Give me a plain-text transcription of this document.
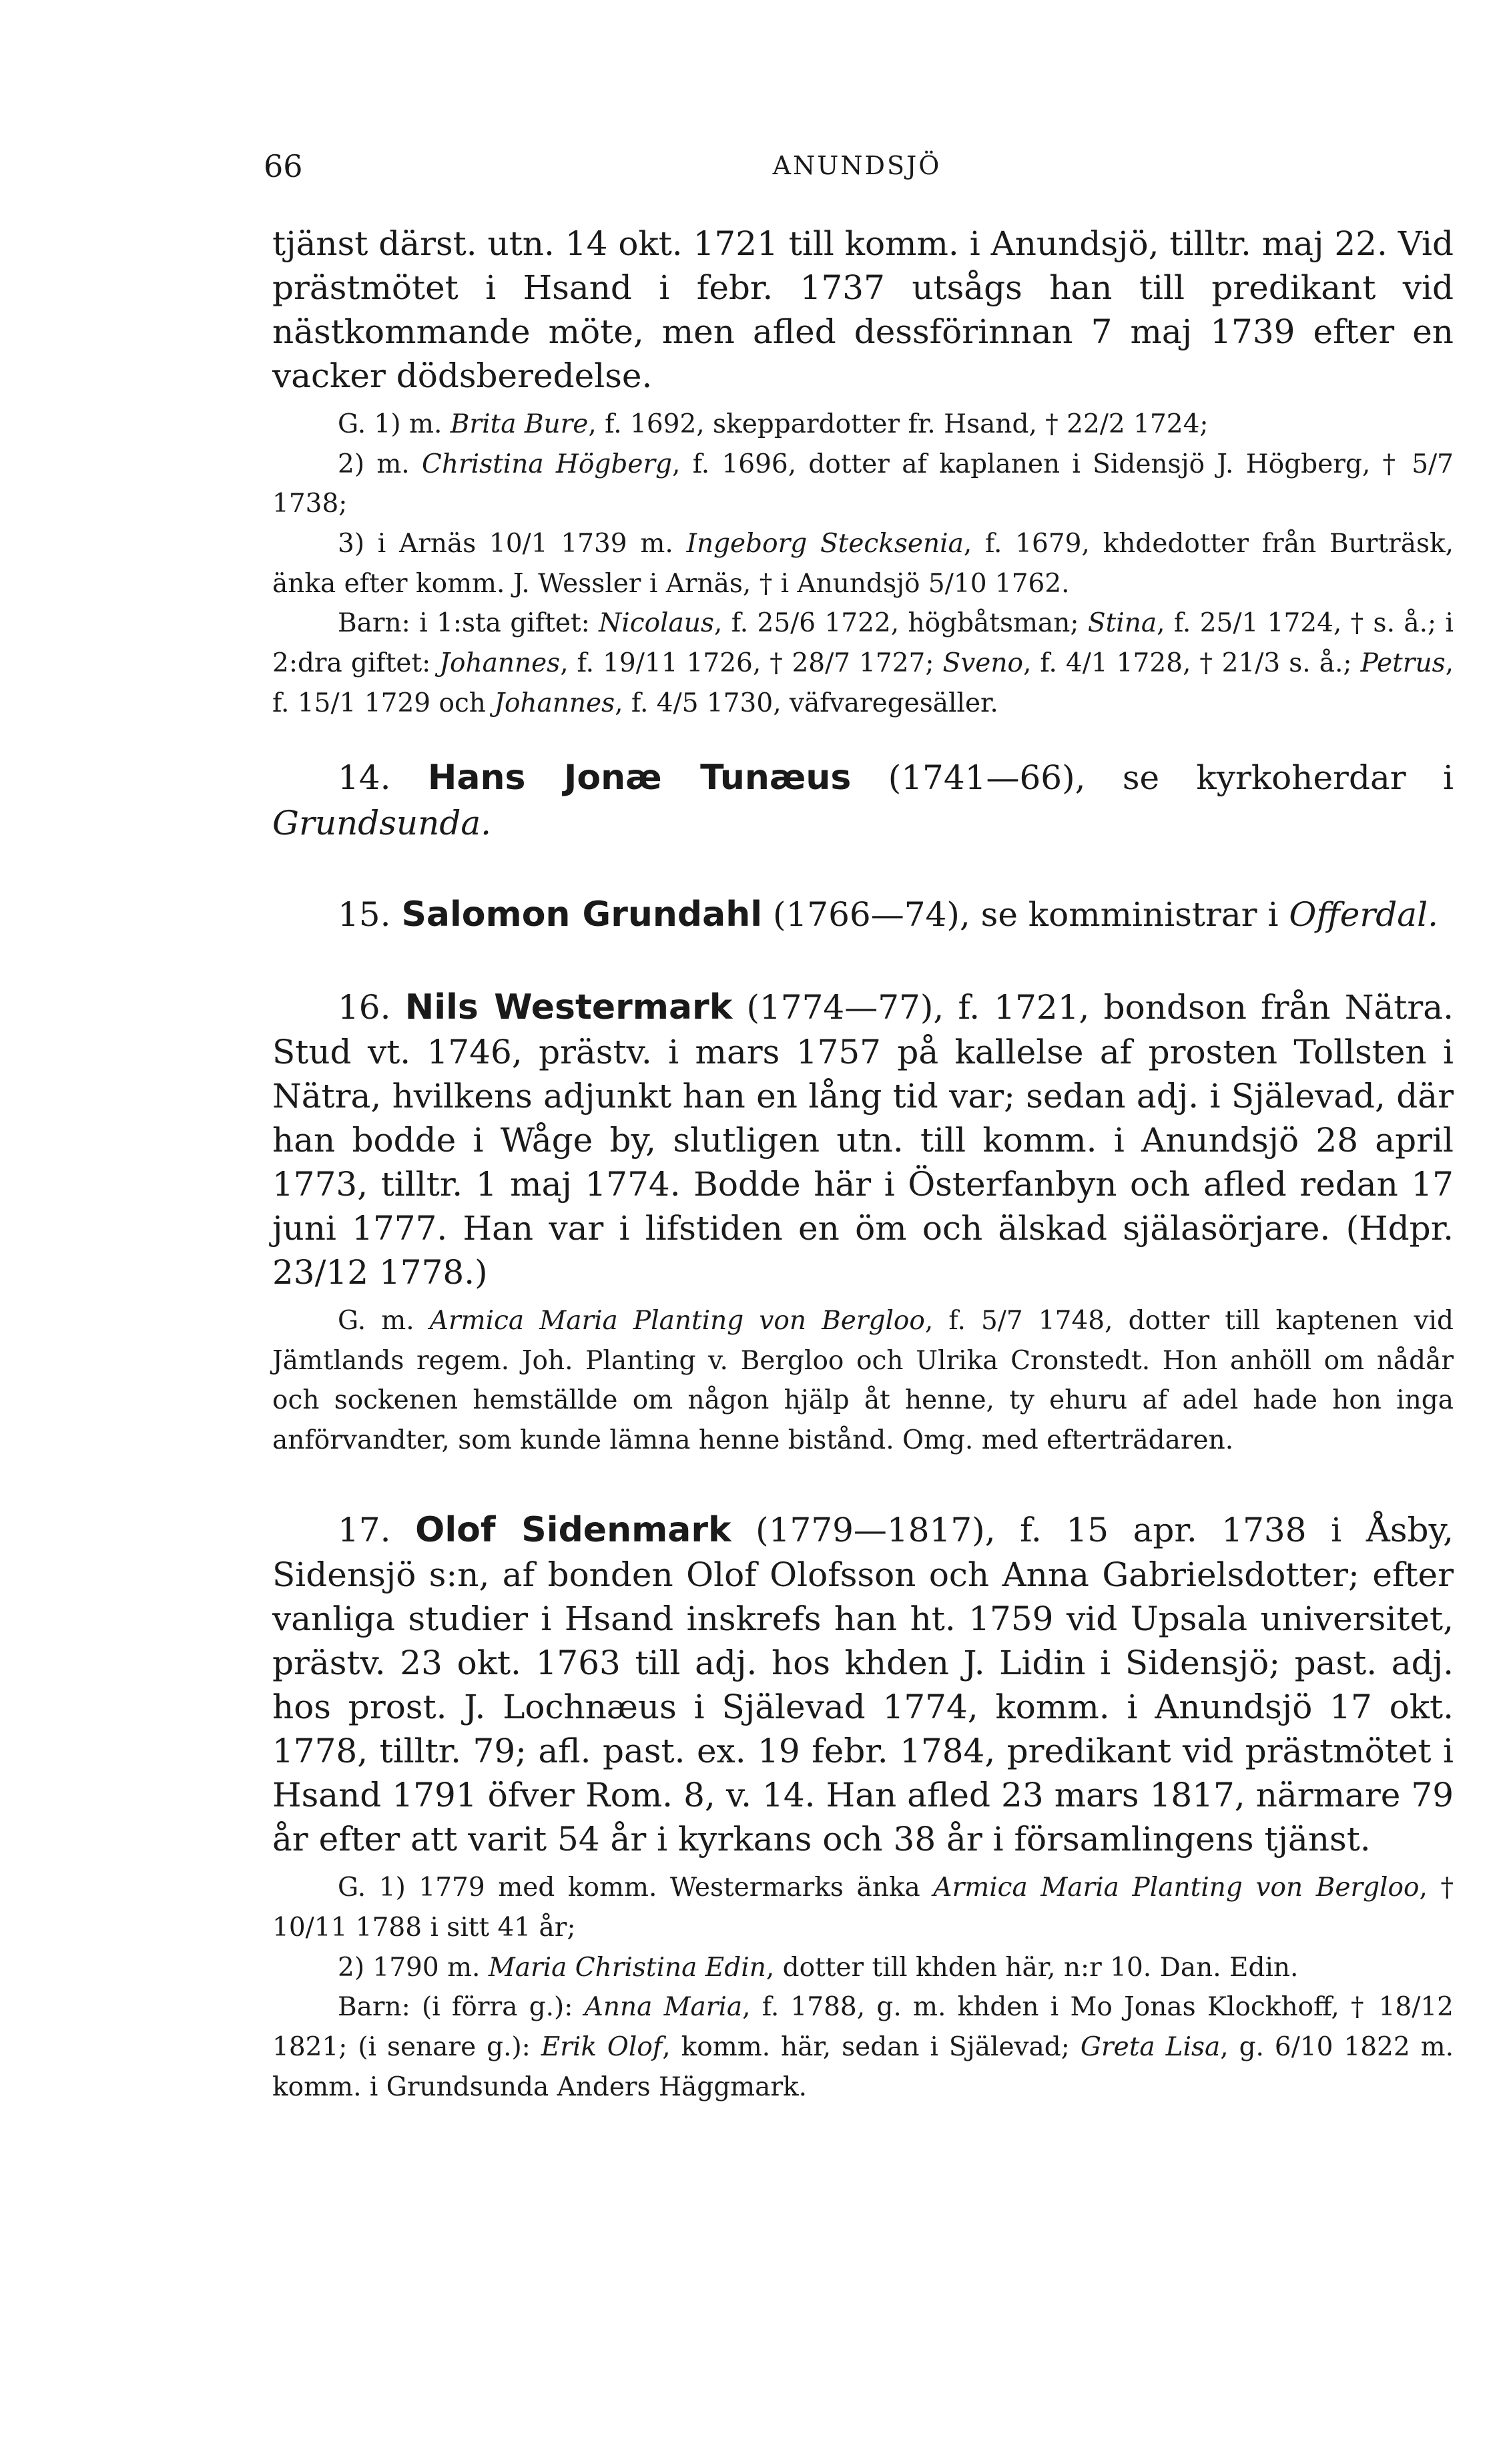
66	ANUNDSJÖ

tjänst därst. utn. 14 okt. 1721 till komm. i Anundsjö, tilltr. maj 22. Vid prästmötet i Hsand i febr. 1737 utsågs han till predikant vid nästkommande möte, men afled dessförinnan 7 maj 1739 efter en vacker dödsberedelse.

G. 1) m. Brita Bure, f. 1692, skeppardotter fr. Hsand, † 22/2 1724;

2) m. Christina Högberg, f. 1696, dotter af kaplanen i Sidensjö J. Högberg, † 5/7 1738;

3) i Arnäs 10/1 1739 m. Ingeborg Stecksenia, f. 1679, khdedotter från Burträsk, änka efter komm. J. Wessler i Arnäs, † i Anundsjö 5/10 1762.

Barn: i 1:sta giftet: Nicolaus, f. 25/6 1722, högbåtsman; Stina, f. 25/1 1724, † s. å.; i 2:dra giftet: Johannes, f. 19/11 1726, † 28/7 1727; Sveno, f. 4/1 1728, † 21/3 s. å.; Petrus, f. 15/1 1729 och Johannes, f. 4/5 1730, väfvaregesäller.

14. Hans Jonæ Tunæus (1741—66), se kyrkoherdar i Grundsunda.

15. Salomon Grundahl (1766—74), se komministrar i Offerdal.

16. Nils Westermark (1774—77), f. 1721, bondson från Nätra. Stud vt. 1746, prästv. i mars 1757 på kallelse af prosten Tollsten i Nätra, hvilkens adjunkt han en lång tid var; sedan adj. i Själevad, där han bodde i Wåge by, slutligen utn. till komm. i Anundsjö 28 april 1773, tilltr. 1 maj 1774. Bodde här i Österfanbyn och afled redan 17 juni 1777. Han var i lifstiden en öm och älskad själasörjare. (Hdpr. 23/12 1778.)

G. m. Armica Maria Planting von Bergloo, f. 5/7 1748, dotter till kaptenen vid Jämtlands regem. Joh. Planting v. Bergloo och Ulrika Cronstedt. Hon anhöll om nådår och sockenen hemställde om någon hjälp åt henne, ty ehuru af adel hade hon inga anförvandter, som kunde lämna henne bistånd. Omg. med efterträdaren.

17. Olof Sidenmark (1779—1817), f. 15 apr. 1738 i Åsby, Sidensjö s:n, af bonden Olof Olofsson och Anna Gabrielsdotter; efter vanliga studier i Hsand inskrefs han ht. 1759 vid Upsala universitet, prästv. 23 okt. 1763 till adj. hos khden J. Lidin i Sidensjö; past. adj. hos prost. J. Lochnæus i Själevad 1774, komm. i Anundsjö 17 okt. 1778, tilltr. 79; afl. past. ex. 19 febr. 1784, predikant vid prästmötet i Hsand 1791 öfver Rom. 8, v. 14. Han afled 23 mars 1817, närmare 79 år efter att varit 54 år i kyrkans och 38 år i församlingens tjänst.

G. 1) 1779 med komm. Westermarks änka Armica Maria Planting von Bergloo, † 10/11 1788 i sitt 41 år;

2) 1790 m. Maria Christina Edin, dotter till khden här, n:r 10. Dan. Edin.

Barn: (i förra g.): Anna Maria, f. 1788, g. m. khden i Mo Jonas Klockhoff, † 18/12 1821; (i senare g.): Erik Olof, komm. här, sedan i Själevad; Greta Lisa, g. 6/10 1822 m. komm. i Grundsunda Anders Häggmark.
